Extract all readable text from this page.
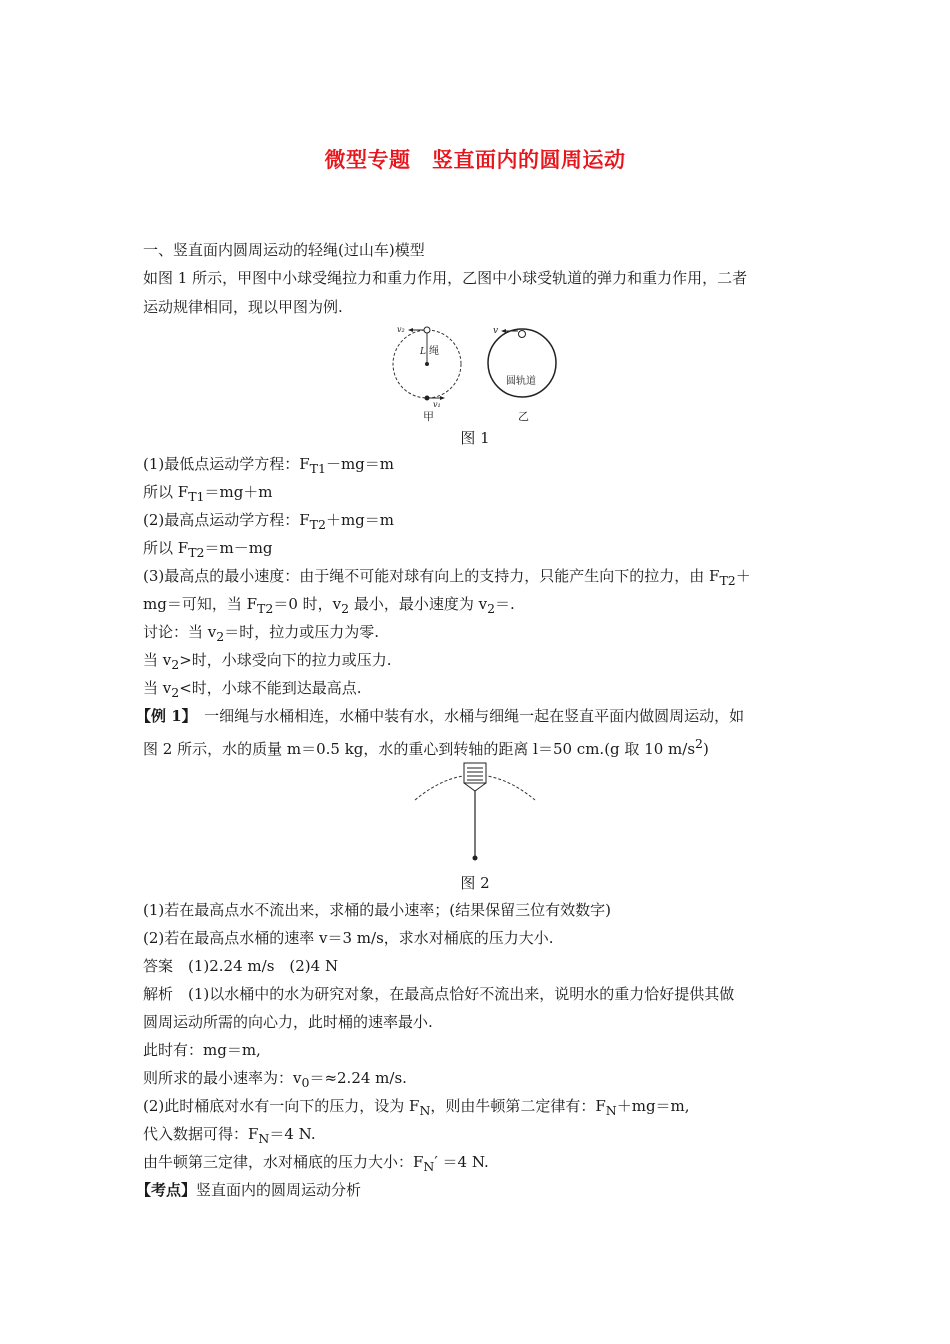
微型专题　竖直面内的圆周运动
一、竖直面内圆周运动的轻绳(过山车)模型
如图 1 所示，甲图中小球受绳拉力和重力作用，乙图中小球受轨道的弹力和重力作用，二者
运动规律相同，现以甲图为例.
v₂
L 绳
v₁
甲
v
圆轨道
乙
图 1
(1)最低点运动学方程：$F_{T1}-mg=m$
所以 $F_{T1}=mg+m$
(2)最高点运动学方程：$F_{T2}+mg=m$
所以 $F_{T2}=m-mg$
(3)最高点的最小速度：由于绳不可能对球有向上的支持力，只能产生向下的拉力，由 $F_{T2}+$
mg＝可知，当 $F_{T2}=0$ 时，$v_2$ 最小，最小速度为 $v_2=$.
讨论：当 $v_2=$时，拉力或压力为零.
当 $v_2>$时，小球受向下的拉力或压力.
当 $v_2<$时，小球不能到达最高点.
【例 1】　一细绳与水桶相连，水桶中装有水，水桶与细绳一起在竖直平面内做圆周运动，如
图 2 所示，水的质量 m＝0.5 kg，水的重心到转轴的距离 l＝50 cm.(g 取 10 $m/s^2$)
图 2
(1)若在最高点水不流出来，求桶的最小速率；(结果保留三位有效数字)
(2)若在最高点水桶的速率 v＝3 m/s，求水对桶底的压力大小.
答案　(1)2.24 m/s　(2)4 N
解析　(1)以水桶中的水为研究对象，在最高点恰好不流出来，说明水的重力恰好提供其做
圆周运动所需的向心力，此时桶的速率最小.
此时有：mg＝m,
则所求的最小速率为：$v_0=\approx 2.24$ m/s.
(2)此时桶底对水有一向下的压力，设为 $F_N$，则由牛顿第二定律有：$F_N+mg=m$,
代入数据可得：$F_N=4$ N.
由牛顿第三定律，水对桶底的压力大小：$F_N' =4$ N.
【考点】竖直面内的圆周运动分析
